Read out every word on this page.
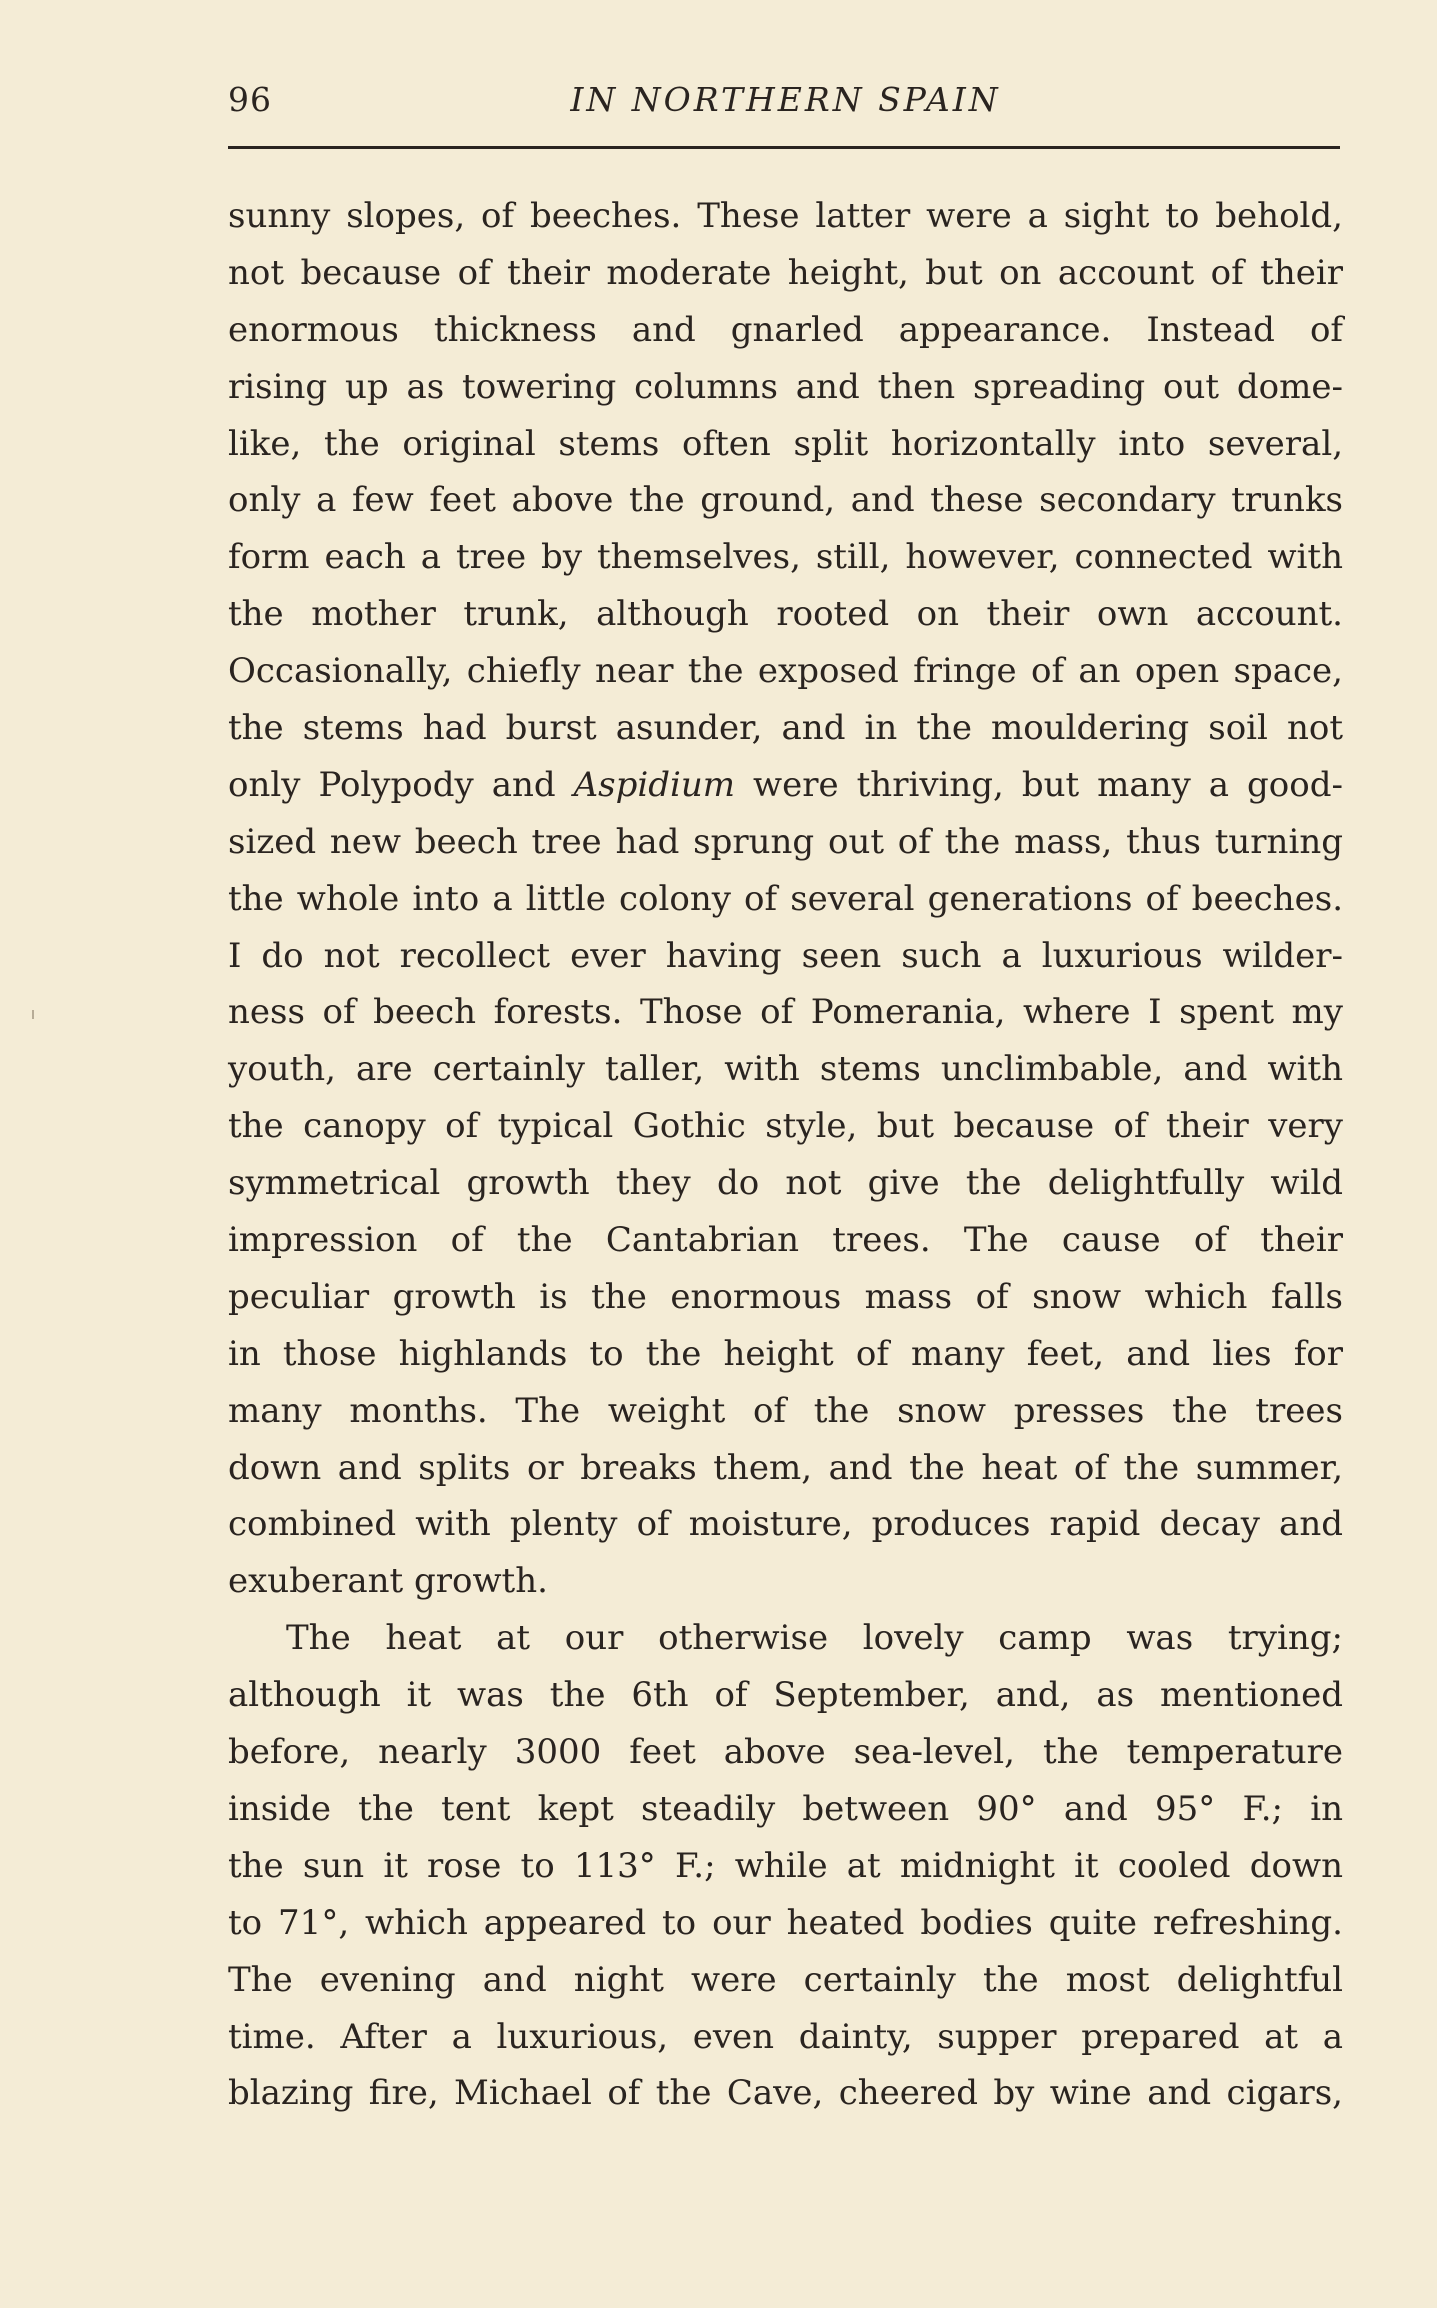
96	IN NORTHERN SPAIN
sunny slopes, of beeches. These latter were a sight to behold,
not because of their moderate height, but on account of their
enormous thickness and gnarled appearance. Instead of
rising up as towering columns and then spreading out dome-
like, the original stems often split horizontally into several,
only a few feet above the ground, and these secondary trunks
form each a tree by themselves, still, however, connected with
the mother trunk, although rooted on their own account.
Occasionally, chiefly near the exposed fringe of an open space,
the stems had burst asunder, and in the mouldering soil not
only Polypody and Aspidium were thriving, but many a good-
sized new beech tree had sprung out of the mass, thus turning
the whole into a little colony of several generations of beeches.
I do not recollect ever having seen such a luxurious wilder-
ness of beech forests. Those of Pomerania, where I spent my
youth, are certainly taller, with stems unclimbable, and with
the canopy of typical Gothic style, but because of their very
symmetrical growth they do not give the delightfully wild
impression of the Cantabrian trees. The cause of their
peculiar growth is the enormous mass of snow which falls
in those highlands to the height of many feet, and lies for
many months. The weight of the snow presses the trees
down and splits or breaks them, and the heat of the summer,
combined with plenty of moisture, produces rapid decay and
exuberant growth.
The heat at our otherwise lovely camp was trying;
although it was the 6th of September, and, as mentioned
before, nearly 3000 feet above sea-level, the temperature
inside the tent kept steadily between 90° and 95° F.; in
the sun it rose to 113° F.; while at midnight it cooled down
to 71°, which appeared to our heated bodies quite refreshing.
The evening and night were certainly the most delightful
time. After a luxurious, even dainty, supper prepared at a
blazing fire, Michael of the Cave, cheered by wine and cigars,
